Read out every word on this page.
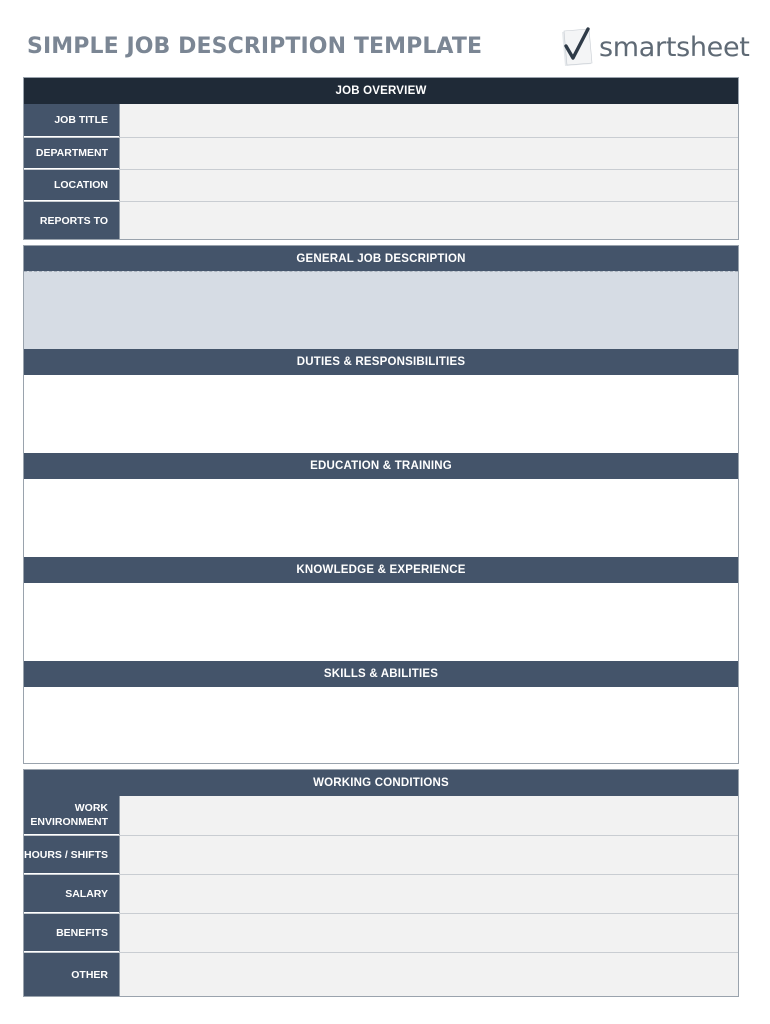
SIMPLE JOB DESCRIPTION TEMPLATE	smartsheet
JOB OVERVIEW
JOB TITLE
DEPARTMENT
LOCATION
REPORTS TO
GENERAL JOB DESCRIPTION
DUTIES & RESPONSIBILITIES
EDUCATION & TRAINING
KNOWLEDGE & EXPERIENCE
SKILLS & ABILITIES
WORKING CONDITIONS
WORK
ENVIRONMENT
HOURS / SHIFTS
SALARY
BENEFITS
OTHER
